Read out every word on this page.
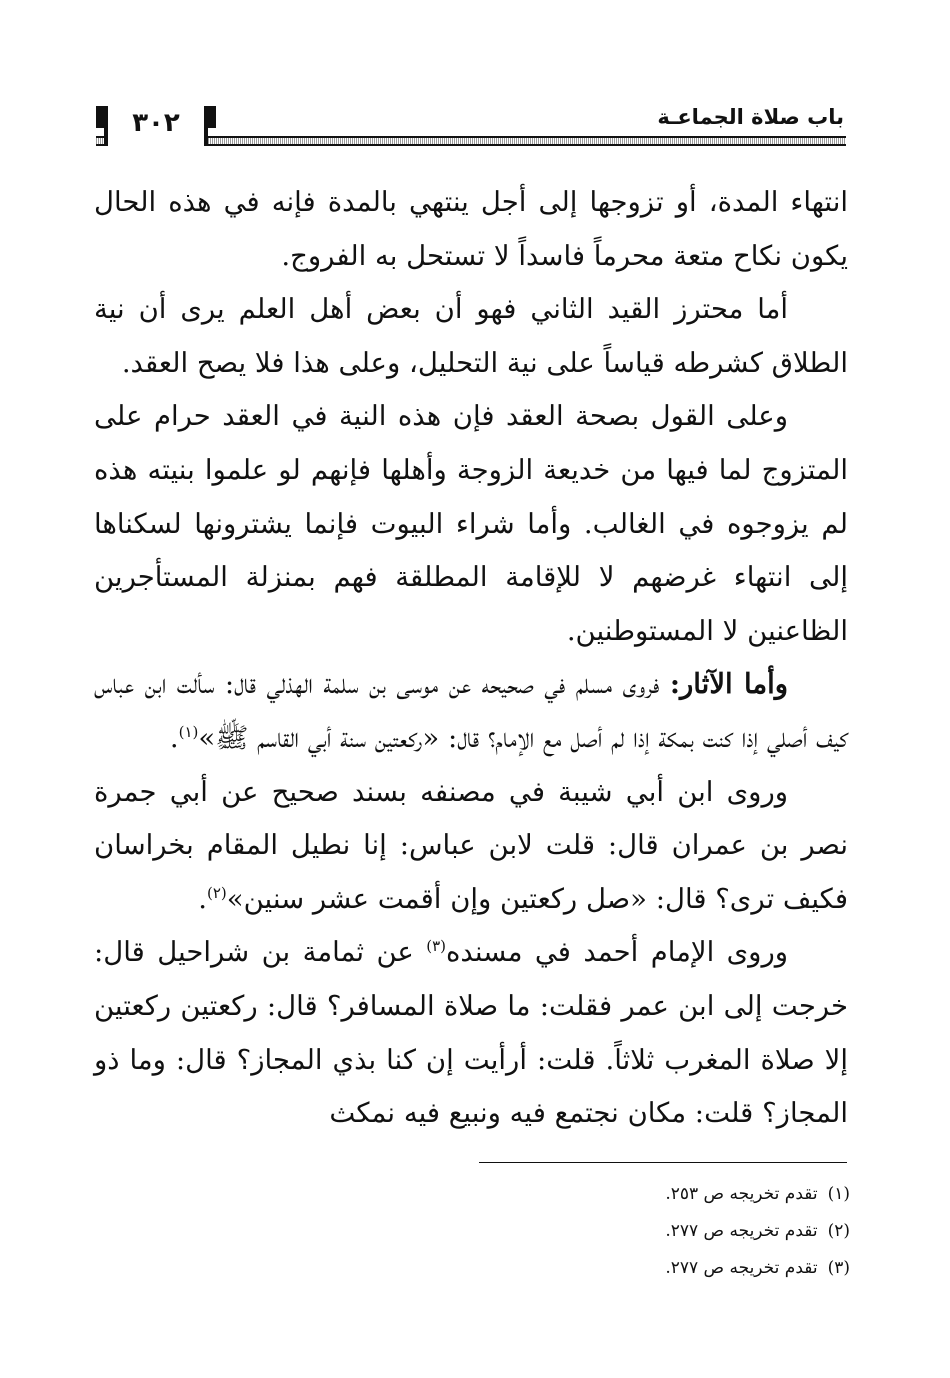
باب صلاة الجماعـة
٣٠٢

انتهاء المدة، أو تزوجها إلى أجل ينتهي بالمدة فإنه في هذه الحال يكون نكاح متعة محرماً فاسداً لا تستحل به الفروج.

أما محترز القيد الثاني فهو أن بعض أهل العلم يرى أن نية الطلاق كشرطه قياساً على نية التحليل، وعلى هذا فلا يصح العقد.

وعلى القول بصحة العقد فإن هذه النية في العقد حرام على المتزوج لما فيها من خديعة الزوجة وأهلها فإنهم لو علموا بنيته هذه لم يزوجوه في الغالب. وأما شراء البيوت فإنما يشترونها لسكناها إلى انتهاء غرضهم لا للإقامة المطلقة فهم بمنزلة المستأجرين الظاعنين لا المستوطنين.

وأما الآثار: فروى مسلم في صحيحه عن موسى بن سلمة الهذلي قال: سألت ابن عباس كيف أصلي إذا كنت بمكة إذا لم أصل مع الإمام؟ قال: «ركعتين سنة أبي القاسم ﷺ»$^{(١)}$.

وروى ابن أبي شيبة في مصنفه بسند صحيح عن أبي جمرة نصر بن عمران قال: قلت لابن عباس: إنا نطيل المقام بخراسان فكيف ترى؟ قال: «صل ركعتين وإن أقمت عشر سنين»$^{(٢)}$.

وروى الإمام أحمد في مسنده$^{(٣)}$ عن ثمامة بن شراحيل قال: خرجت إلى ابن عمر فقلت: ما صلاة المسافر؟ قال: ركعتين ركعتين إلا صلاة المغرب ثلاثاً. قلت: أرأيت إن كنا بذي المجاز؟ قال: وما ذو المجاز؟ قلت: مكان نجتمع فيه ونبيع فيه نمكث

(١)تقدم تخريجه ص ٢٥٣.

(٢)تقدم تخريجه ص ٢٧٧.

(٣)تقدم تخريجه ص ٢٧٧.
